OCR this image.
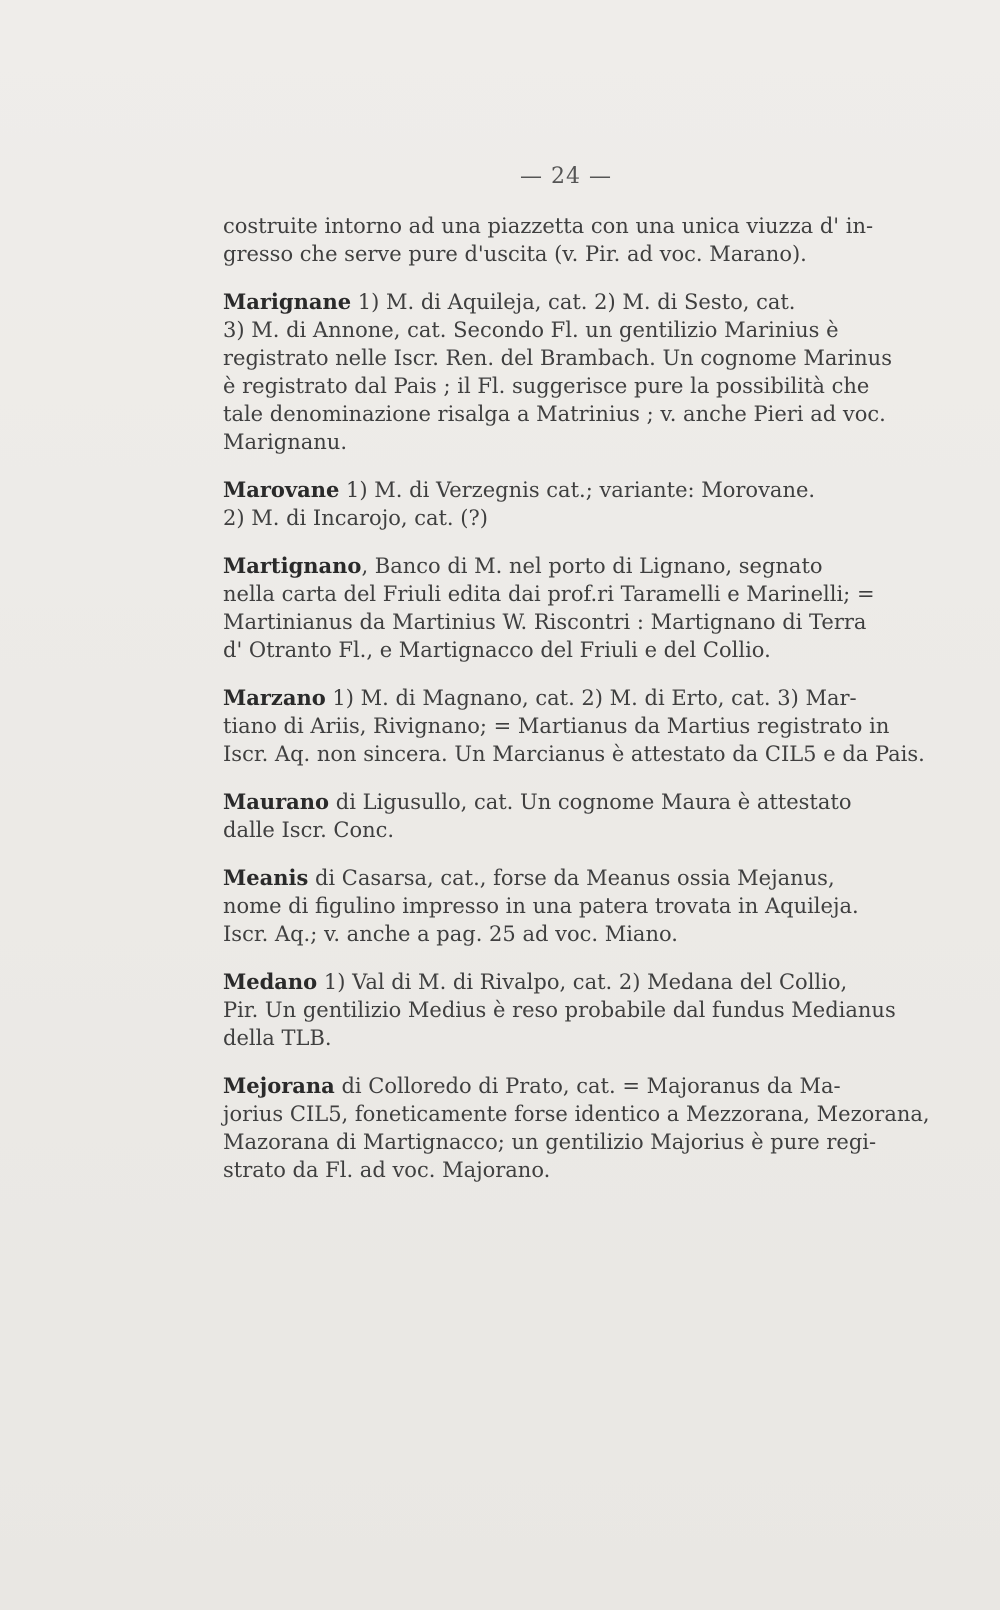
— 24 —

costruite intorno ad una piazzetta con una unica viuzza d' in-
gresso che serve pure d'uscita (v. Pir. ad voc. Marano).

Marignane 1) M. di Aquileja, cat. 2) M. di Sesto, cat.
3) M. di Annone, cat. Secondo Fl. un gentilizio Marinius è
registrato nelle Iscr. Ren. del Brambach. Un cognome Marinus
è registrato dal Pais ; il Fl. suggerisce pure la possibilità che
tale denominazione risalga a Matrinius ; v. anche Pieri ad voc.
Marignanu.

Marovane 1) M. di Verzegnis cat.; variante: Morovane.
2) M. di Incarojo, cat. (?)

Martignano, Banco di M. nel porto di Lignano, segnato
nella carta del Friuli edita dai prof.ri Taramelli e Marinelli; =
Martinianus da Martinius W. Riscontri : Martignano di Terra
d' Otranto Fl., e Martignacco del Friuli e del Collio.

Marzano 1) M. di Magnano, cat. 2) M. di Erto, cat. 3) Mar-
tiano di Ariis, Rivignano; = Martianus da Martius registrato in
Iscr. Aq. non sincera. Un Marcianus è attestato da CIL5 e da Pais.

Maurano di Ligusullo, cat. Un cognome Maura è attestato
dalle Iscr. Conc.

Meanis di Casarsa, cat., forse da Meanus ossia Mejanus,
nome di figulino impresso in una patera trovata in Aquileja.
Iscr. Aq.; v. anche a pag. 25 ad voc. Miano.

Medano 1) Val di M. di Rivalpo, cat. 2) Medana del Collio,
Pir. Un gentilizio Medius è reso probabile dal fundus Medianus
della TLB.

Mejorana di Colloredo di Prato, cat. = Majoranus da Ma-
jorius CIL5, foneticamente forse identico a Mezzorana, Mezorana,
Mazorana di Martignacco; un gentilizio Majorius è pure regi-
strato da Fl. ad voc. Majorano.
